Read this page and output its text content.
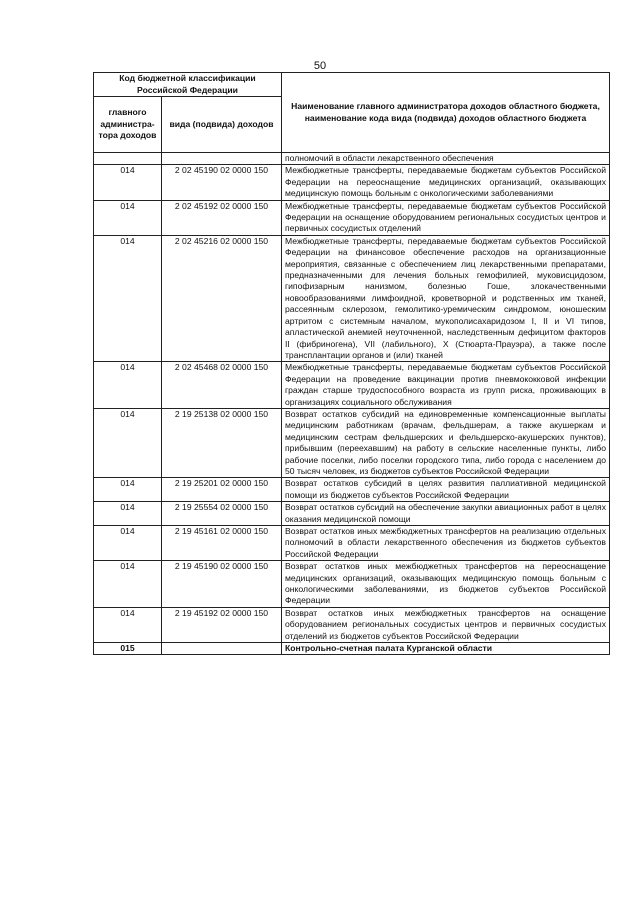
50
Код бюджетной классификации Российской Федерации		Наименование главного администратора доходов областного бюджета, наименование кода вида (подвида) доходов областного бюджета
главного администра-тора доходов	вида (подвида) доходов	
		полномочий в области лекарственного обеспечения
014	2 02 45190 02 0000 150	Межбюджетные трансферты, передаваемые бюджетам субъектов Российской Федерации на переоснащение медицинских организаций, оказывающих медицинскую помощь больным с онкологическими заболеваниями
014	2 02 45192 02 0000 150	Межбюджетные трансферты, передаваемые бюджетам субъектов Российской Федерации на оснащение оборудованием региональных сосудистых центров и первичных сосудистых отделений
014	2 02 45216 02 0000 150	Межбюджетные трансферты, передаваемые бюджетам субъектов Российской Федерации на финансовое обеспечение расходов на организационные мероприятия, связанные с обеспечением лиц лекарственными препаратами, предназначенными для лечения больных гемофилией, муковисцидозом, гипофизарным нанизмом, болезнью Гоше, злокачественными новообразованиями лимфоидной, кроветворной и родственных им тканей, рассеянным склерозом, гемолитико-уремическим синдромом, юношеским артритом с системным началом, мукополисахаридозом I, II и VI типов, апластической анемией неуточненной, наследственным дефицитом факторов II (фибриногена), VII (лабильного), X (Стюарта-Прауэра), а также после трансплантации органов и (или) тканей
014	2 02 45468 02 0000 150	Межбюджетные трансферты, передаваемые бюджетам субъектов Российской Федерации на проведение вакцинации против пневмококковой инфекции граждан старше трудоспособного возраста из групп риска, проживающих в организациях социального обслуживания
014	2 19 25138 02 0000 150	Возврат остатков субсидий на единовременные компенсационные выплаты медицинским работникам (врачам, фельдшерам, а также акушеркам и медицинским сестрам фельдшерских и фельдшерско-акушерских пунктов), прибывшим (переехавшим) на работу в сельские населенные пункты, либо рабочие поселки, либо поселки городского типа, либо города с населением до 50 тысяч человек, из бюджетов субъектов Российской Федерации
014	2 19 25201 02 0000 150	Возврат остатков субсидий в целях развития паллиативной медицинской помощи из бюджетов субъектов Российской Федерации
014	2 19 25554 02 0000 150	Возврат остатков субсидий на обеспечение закупки авиационных работ в целях оказания медицинской помощи
014	2 19 45161 02 0000 150	Возврат остатков иных межбюджетных трансфертов на реализацию отдельных полномочий в области лекарственного обеспечения из бюджетов субъектов Российской Федерации
014	2 19 45190 02 0000 150	Возврат остатков иных межбюджетных трансфертов на переоснащение медицинских организаций, оказывающих медицинскую помощь больным с онкологическими заболеваниями, из бюджетов субъектов Российской Федерации
014	2 19 45192 02 0000 150	Возврат остатков иных межбюджетных трансфертов на оснащение оборудованием региональных сосудистых центров и первичных сосудистых отделений из бюджетов субъектов Российской Федерации
015		Контрольно-счетная палата Курганской области
